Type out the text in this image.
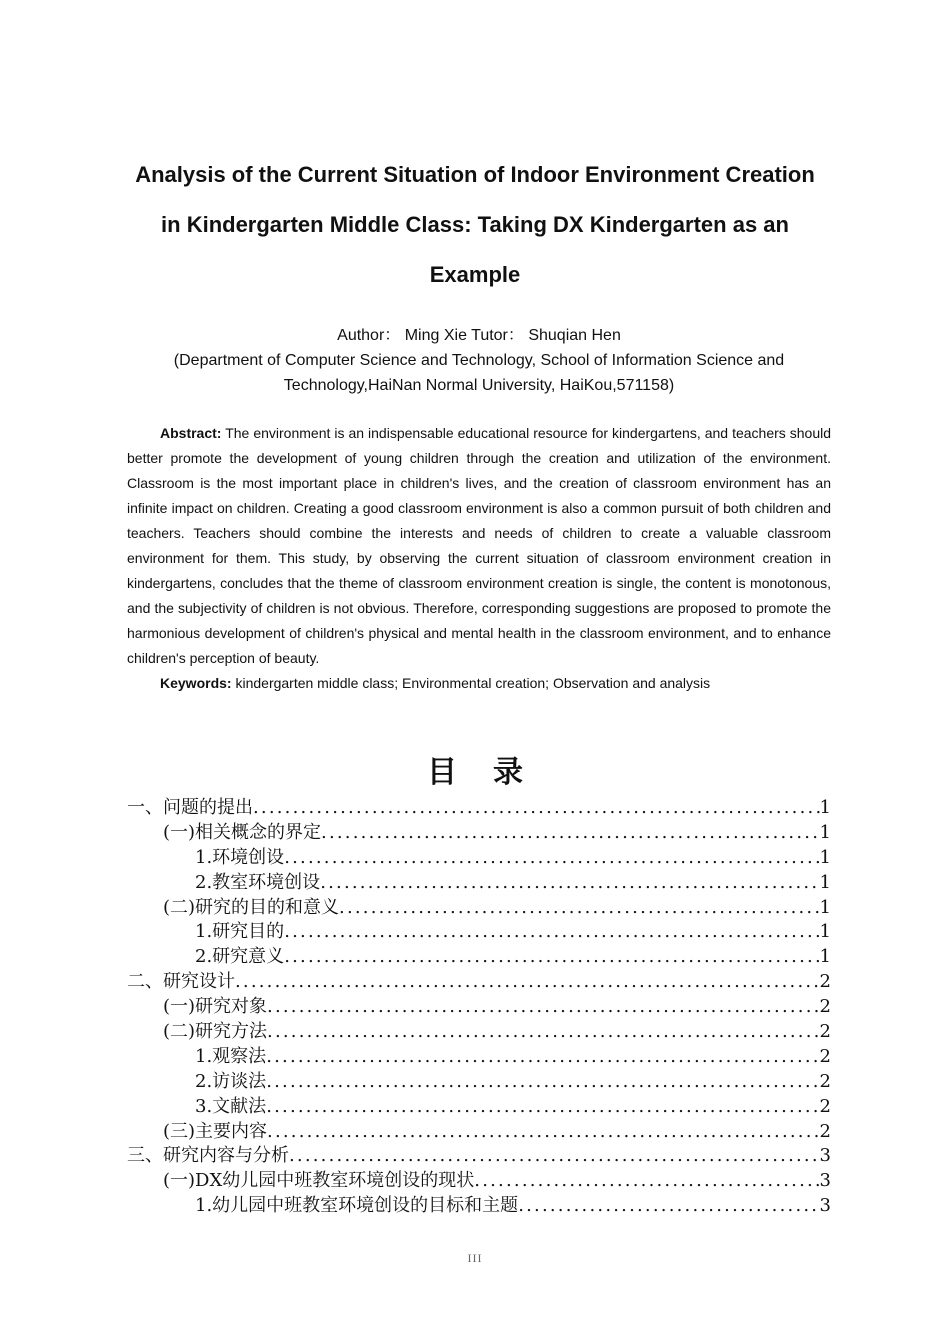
Analysis of the Current Situation of Indoor Environment Creation
in Kindergarten Middle Class: Taking DX Kindergarten as an
Example
Author： Ming Xie Tutor： Shuqian Hen
(Department of Computer Science and Technology, School of Information Science and
Technology,HaiNan Normal University, HaiKou,571158)

Abstract: The environment is an indispensable educational resource for kindergartens, and teachers should better promote the development of young children through the creation and utilization of the environment. Classroom is the most important place in children's lives, and the creation of classroom environment has an infinite impact on children. Creating a good classroom environment is also a common pursuit of both children and teachers. Teachers should combine the interests and needs of children to create a valuable classroom environment for them. This study, by observing the current situation of classroom environment creation in kindergartens, concludes that the theme of classroom environment creation is single, the content is monotonous, and the subjectivity of children is not obvious. Therefore, corresponding suggestions are proposed to promote the harmonious development of children's physical and mental health in the classroom environment, and to enhance children's perception of beauty.

Keywords: kindergarten middle class; Environmental creation; Observation and analysis

目录
一、问题的提出 .....	1
(一)相关概念的界定 .....	1
1.环境创设 .....	1
2.教室环境创设 .....	1
(二)研究的目的和意义 .....	1
1.研究目的 .....	1
2.研究意义 .....	1
二、研究设计 .....	2
(一)研究对象 .....	2
(二)研究方法 .....	2
1.观察法 .....	2
2.访谈法 .....	2
3.文献法 .....	2
(三)主要内容 .....	2
三、研究内容与分析 .....	3
(一)DX幼儿园中班教室环境创设的现状 .....	3
1.幼儿园中班教室环境创设的目标和主题 .....	3
III
